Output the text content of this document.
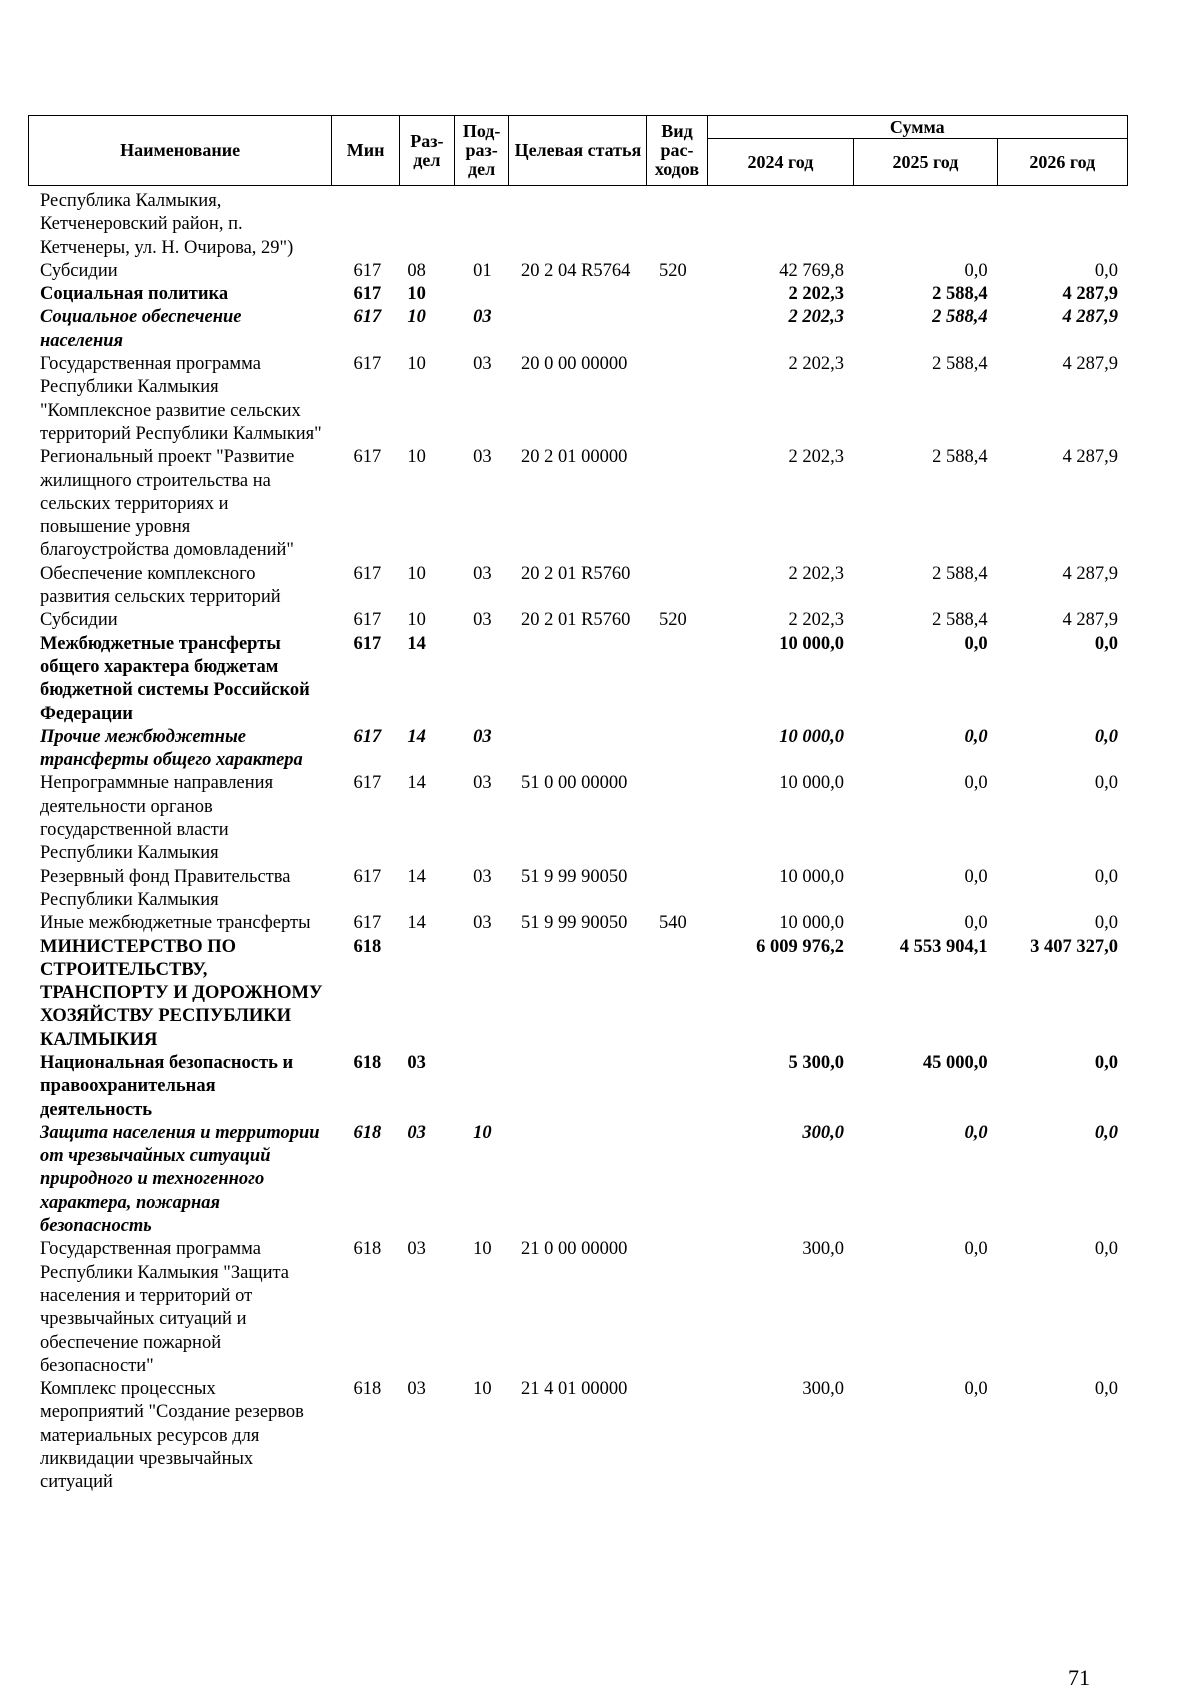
Наименование	Мин	Раз-дел	Под-раз-дел	Целевая статья	Вид рас-ходов	Сумма		
						2024 год	2025 год	2026 год
Республика Калмыкия, Кетченеровский район, п. Кетченеры, ул. Н. Очирова, 29")								
Субсидии	617	08	01	20 2 04 R5764	520	42 769,8	0,0	0,0
Социальная политика	617	10				2 202,3	2 588,4	4 287,9
Социальное обеспечение населения	617	10	03			2 202,3	2 588,4	4 287,9
Государственная программа Республики Калмыкия "Комплексное развитие сельских территорий Республики Калмыкия"	617	10	03	20 0 00 00000		2 202,3	2 588,4	4 287,9
Региональный проект "Развитие жилищного строительства на сельских территориях и повышение уровня благоустройства домовладений"	617	10	03	20 2 01 00000		2 202,3	2 588,4	4 287,9
Обеспечение комплексного развития сельских территорий	617	10	03	20 2 01 R5760		2 202,3	2 588,4	4 287,9
Субсидии	617	10	03	20 2 01 R5760	520	2 202,3	2 588,4	4 287,9
Межбюджетные трансферты общего характера бюджетам бюджетной системы Российской Федерации	617	14				10 000,0	0,0	0,0
Прочие межбюджетные трансферты общего характера	617	14	03			10 000,0	0,0	0,0
Непрограммные направления деятельности органов государственной власти Республики Калмыкия	617	14	03	51 0 00 00000		10 000,0	0,0	0,0
Резервный фонд Правительства Республики Калмыкия	617	14	03	51 9 99 90050		10 000,0	0,0	0,0
Иные межбюджетные трансферты	617	14	03	51 9 99 90050	540	10 000,0	0,0	0,0
МИНИСТЕРСТВО ПО СТРОИТЕЛЬСТВУ, ТРАНСПОРТУ И ДОРОЖНОМУ ХОЗЯЙСТВУ РЕСПУБЛИКИ КАЛМЫКИЯ	618					6 009 976,2	4 553 904,1	3 407 327,0
Национальная безопасность и правоохранительная деятельность	618	03				5 300,0	45 000,0	0,0
Защита населения и территории от чрезвычайных ситуаций природного и техногенного характера, пожарная безопасность	618	03	10			300,0	0,0	0,0
Государственная программа Республики Калмыкия "Защита населения и территорий от чрезвычайных ситуаций и обеспечение пожарной безопасности"	618	03	10	21 0 00 00000		300,0	0,0	0,0
Комплекс процессных мероприятий "Создание резервов материальных ресурсов для ликвидации чрезвычайных ситуаций	618	03	10	21 4 01 00000		300,0	0,0	0,0
71
